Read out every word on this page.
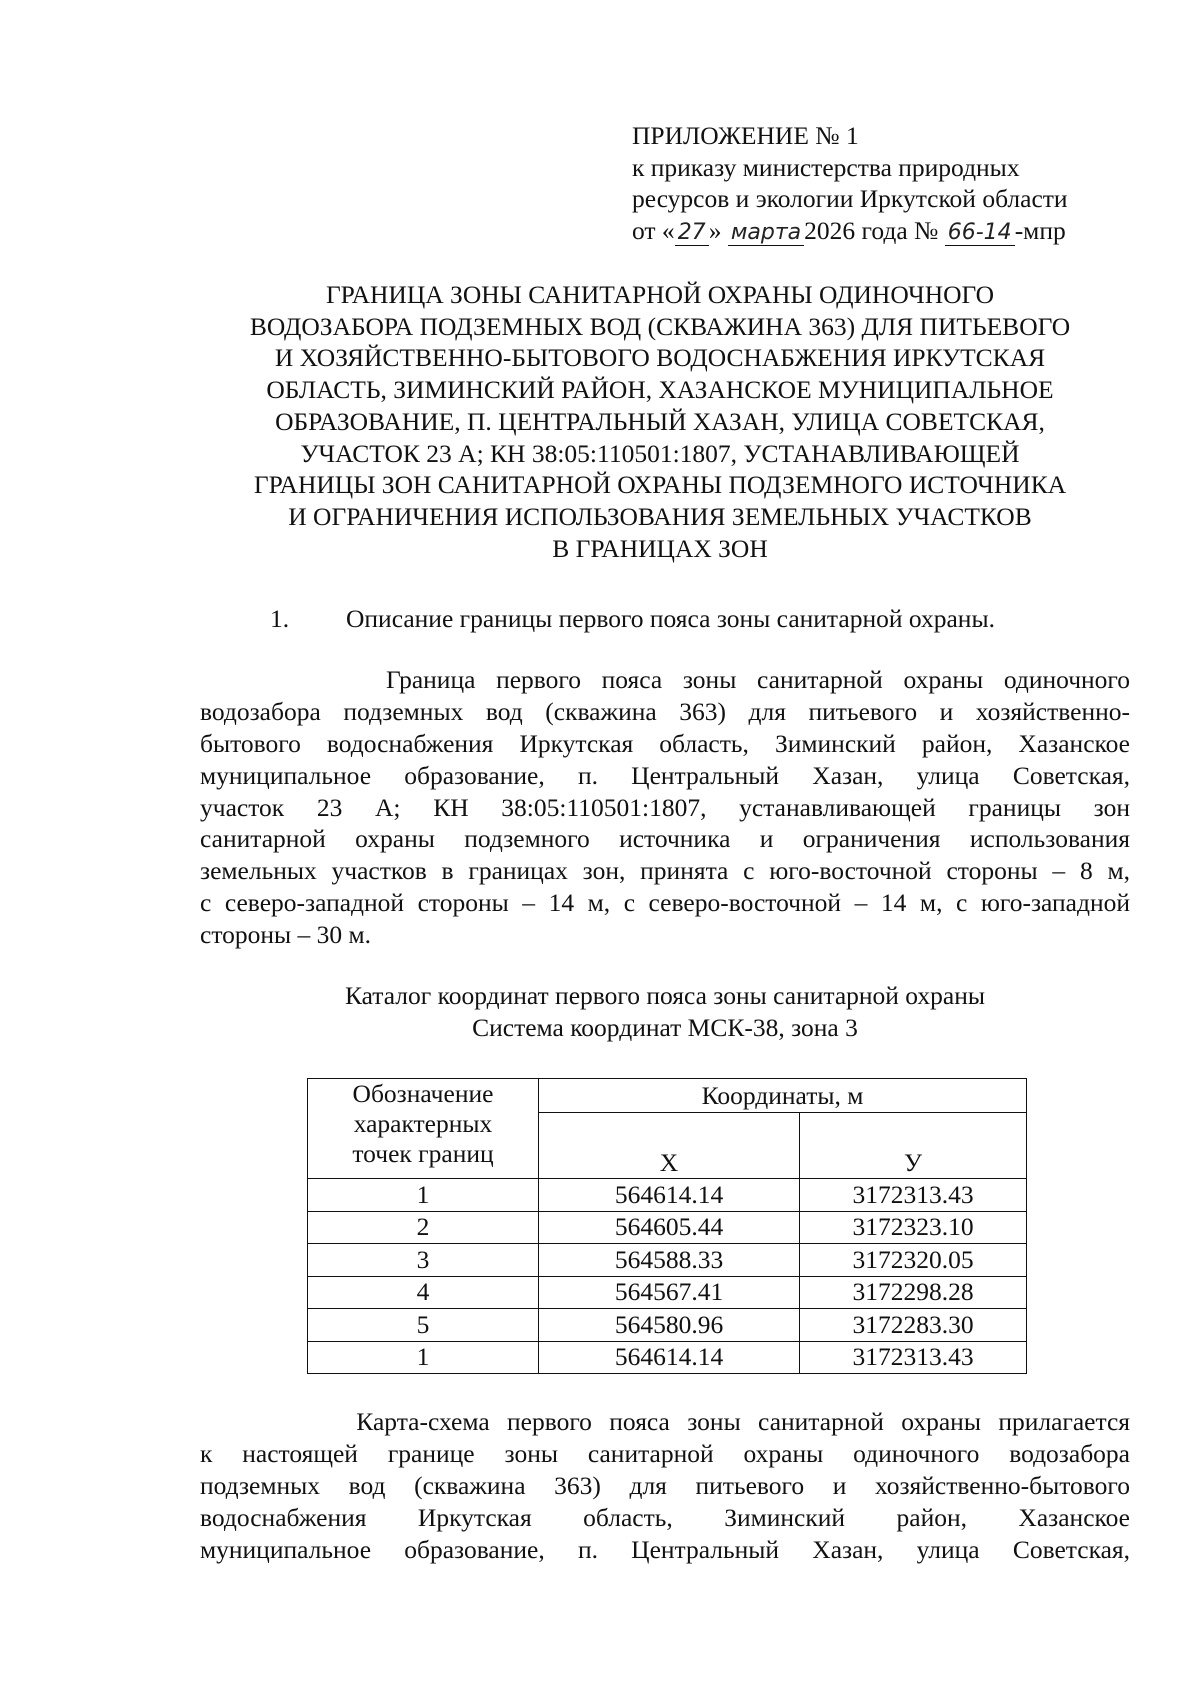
ПРИЛОЖЕНИЕ № 1
к приказу министерства природных
ресурсов и экологии Иркутской области
от « 27 » марта 2026 года № 66-14 -мпр
ГРАНИЦА ЗОНЫ САНИТАРНОЙ ОХРАНЫ ОДИНОЧНОГО
ВОДОЗАБОРА ПОДЗЕМНЫХ ВОД (СКВАЖИНА 363) ДЛЯ ПИТЬЕВОГО
И ХОЗЯЙСТВЕННО-БЫТОВОГО ВОДОСНАБЖЕНИЯ ИРКУТСКАЯ
ОБЛАСТЬ, ЗИМИНСКИЙ РАЙОН, ХАЗАНСКОЕ МУНИЦИПАЛЬНОЕ
ОБРАЗОВАНИЕ, П. ЦЕНТРАЛЬНЫЙ ХАЗАН, УЛИЦА СОВЕТСКАЯ,
УЧАСТОК 23 А; КН 38:05:110501:1807, УСТАНАВЛИВАЮЩЕЙ
ГРАНИЦЫ ЗОН САНИТАРНОЙ ОХРАНЫ ПОДЗЕМНОГО ИСТОЧНИКА
И ОГРАНИЧЕНИЯ ИСПОЛЬЗОВАНИЯ ЗЕМЕЛЬНЫХ УЧАСТКОВ
В ГРАНИЦАХ ЗОН
1. Описание границы первого пояса зоны санитарной охраны.
Граница первого пояса зоны санитарной охраны одиночного
водозабора подземных вод (скважина 363) для питьевого и хозяйственно-
бытового водоснабжения Иркутская область, Зиминский район, Хазанское
муниципальное образование, п. Центральный Хазан, улица Советская,
участок 23 А; КН 38:05:110501:1807, устанавливающей границы зон
санитарной охраны подземного источника и ограничения использования
земельных участков в границах зон, принята с юго-восточной стороны – 8 м,
с северо-западной стороны – 14 м, с северо-восточной – 14 м, с юго-западной
стороны – 30 м.
Каталог координат первого пояса зоны санитарной охраны
Система координат МСК-38, зона 3
Обозначение
характерных
точек границ	Координаты, м	
	X	У
1	564614.14	3172313.43
2	564605.44	3172323.10
3	564588.33	3172320.05
4	564567.41	3172298.28
5	564580.96	3172283.30
1	564614.14	3172313.43
Карта-схема первого пояса зоны санитарной охраны прилагается
к настоящей границе зоны санитарной охраны одиночного водозабора
подземных вод (скважина 363) для питьевого и хозяйственно-бытового
водоснабжения Иркутская область, Зиминский район, Хазанское
муниципальное образование, п. Центральный Хазан, улица Советская,
